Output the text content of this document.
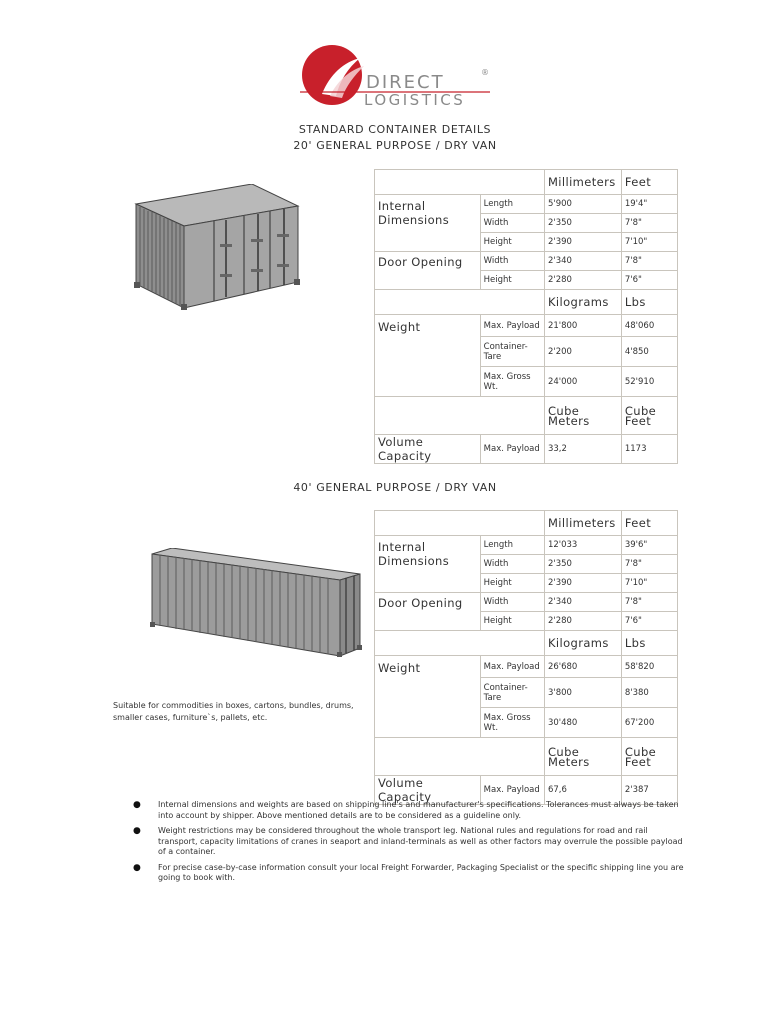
DIRECT
LOGISTICS
®
STANDARD CONTAINER DETAILS
20' GENERAL PURPOSE / DRY VAN
		Millimeters	Feet
Internal Dimensions	Length	5'900	19'4"
	Width	2'350	7'8"
	Height	2'390	7'10"
Door Opening	Width	2'340	7'8"
	Height	2'280	7'6"
		Kilograms	Lbs
Weight	Max. Payload	21'800	48'060
	Container-Tare	2'200	4'850
	Max. Gross Wt.	24'000	52'910
		Cube Meters	Cube Feet
Volume Capacity	Max. Payload	33,2	1173
40' GENERAL PURPOSE / DRY VAN
Suitable for commodities in boxes, cartons, bundles, drums, smaller cases, furniture`s, pallets, etc.
		Millimeters	Feet
Internal Dimensions	Length	12'033	39'6"
	Width	2'350	7'8"
	Height	2'390	7'10"
Door Opening	Width	2'340	7'8"
	Height	2'280	7'6"
		Kilograms	Lbs
Weight	Max. Payload	26'680	58'820
	Container-Tare	3'800	8'380
	Max. Gross Wt.	30'480	67'200
		Cube Meters	Cube Feet
Volume Capacity	Max. Payload	67,6	2'387
● Internal dimensions and weights are based on shipping line's and manufacturer's specifications. Tolerances must always be taken into account by shipper. Above mentioned details are to be considered as a guideline only.
● Weight restrictions may be considered throughout the whole transport leg. National rules and regulations for road and rail transport, capacity limitations of cranes in seaport and inland-terminals as well as other factors may overrule the possible payload of a container.
● For precise case-by-case information consult your local Freight Forwarder, Packaging Specialist or the specific shipping line you are going to book with.
